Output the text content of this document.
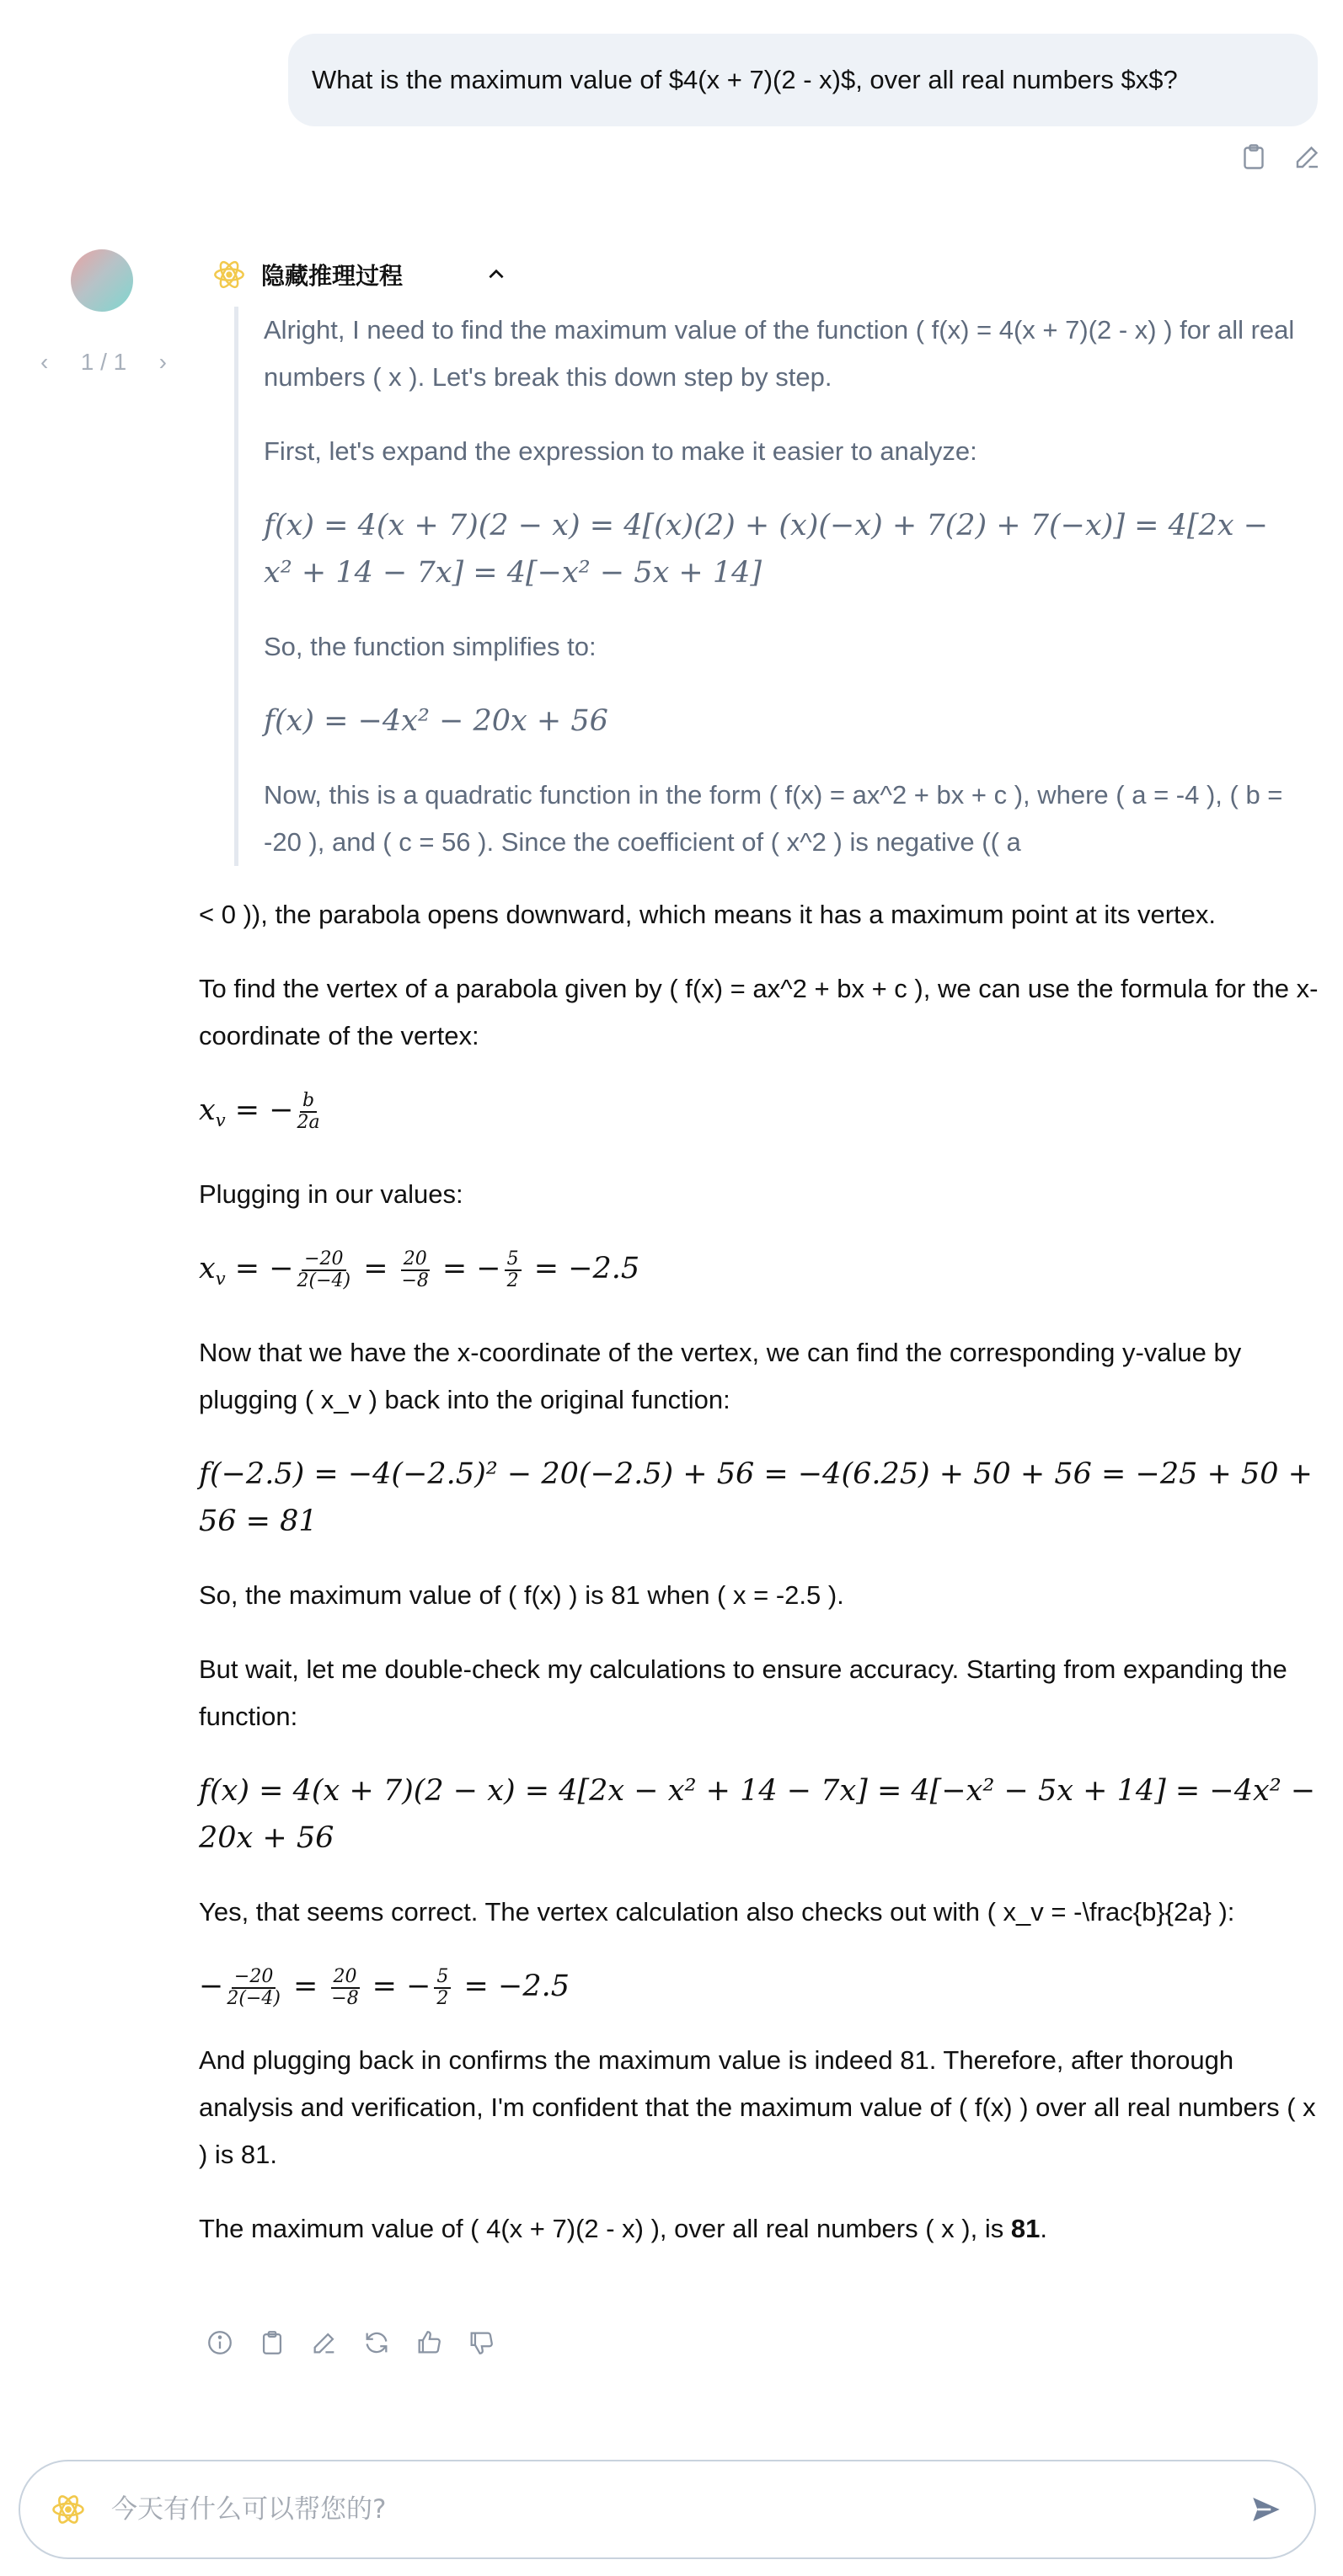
What is the maximum value of $4(x + 7)(2 - x)$, over all real numbers $x$?
‹ 1 / 1 ›
隐藏推理过程

Alright, I need to find the maximum value of the function ( f(x) = 4(x + 7)(2 - x) ) for all real numbers ( x ). Let's break this down step by step.

First, let's expand the expression to make it easier to analyze:

f(x) = 4(x + 7)(2 − x) = 4[(x)(2) + (x)(−x) + 7(2) + 7(−x)] = 4[2x −
x² + 14 − 7x] = 4[−x² − 5x + 14]

So, the function simplifies to:

f(x) = −4x² − 20x + 56

Now, this is a quadratic function in the form ( f(x) = ax^2 + bx + c ), where ( a = -4 ), ( b = -20 ), and ( c = 56 ). Since the coefficient of ( x^2 ) is negative (( a

< 0 )), the parabola opens downward, which means it has a maximum point at its vertex.

To find the vertex of a parabola given by ( f(x) = ax^2 + bx + c ), we can use the formula for the x-coordinate of the vertex:

$x_v$ = − $\frac{b}{2a}$

Plugging in our values:

$x_v$ = − $\frac{-20}{2(-4)} = \frac{20}{-8}$ = − $\frac{5}{2} = -2.5$

Now that we have the x-coordinate of the vertex, we can find the corresponding y-value by plugging ( x_v ) back into the original function:

f(−2.5) = −4(−2.5)² − 20(−2.5) + 56 = −4(6.25) + 50 + 56 = −25 + 50 +
56 = 81

So, the maximum value of ( f(x) ) is 81 when ( x = -2.5 ).

But wait, let me double-check my calculations to ensure accuracy. Starting from expanding the function:

f(x) = 4(x + 7)(2 − x) = 4[2x − x² + 14 − 7x] = 4[−x² − 5x + 14] = −4x² −
20x + 56

Yes, that seems correct. The vertex calculation also checks out with ( x_v = -\frac{b}{2a} ):

− $\frac{-20}{2(-4)} = \frac{20}{-8}$ = − $\frac{5}{2} = -2.5$

And plugging back in confirms the maximum value is indeed 81. Therefore, after thorough analysis and verification, I'm confident that the maximum value of ( f(x) ) over all real numbers ( x ) is 81.

The maximum value of ( 4(x + 7)(2 - x) ), over all real numbers ( x ), is 81.

今天有什么可以帮您的?
